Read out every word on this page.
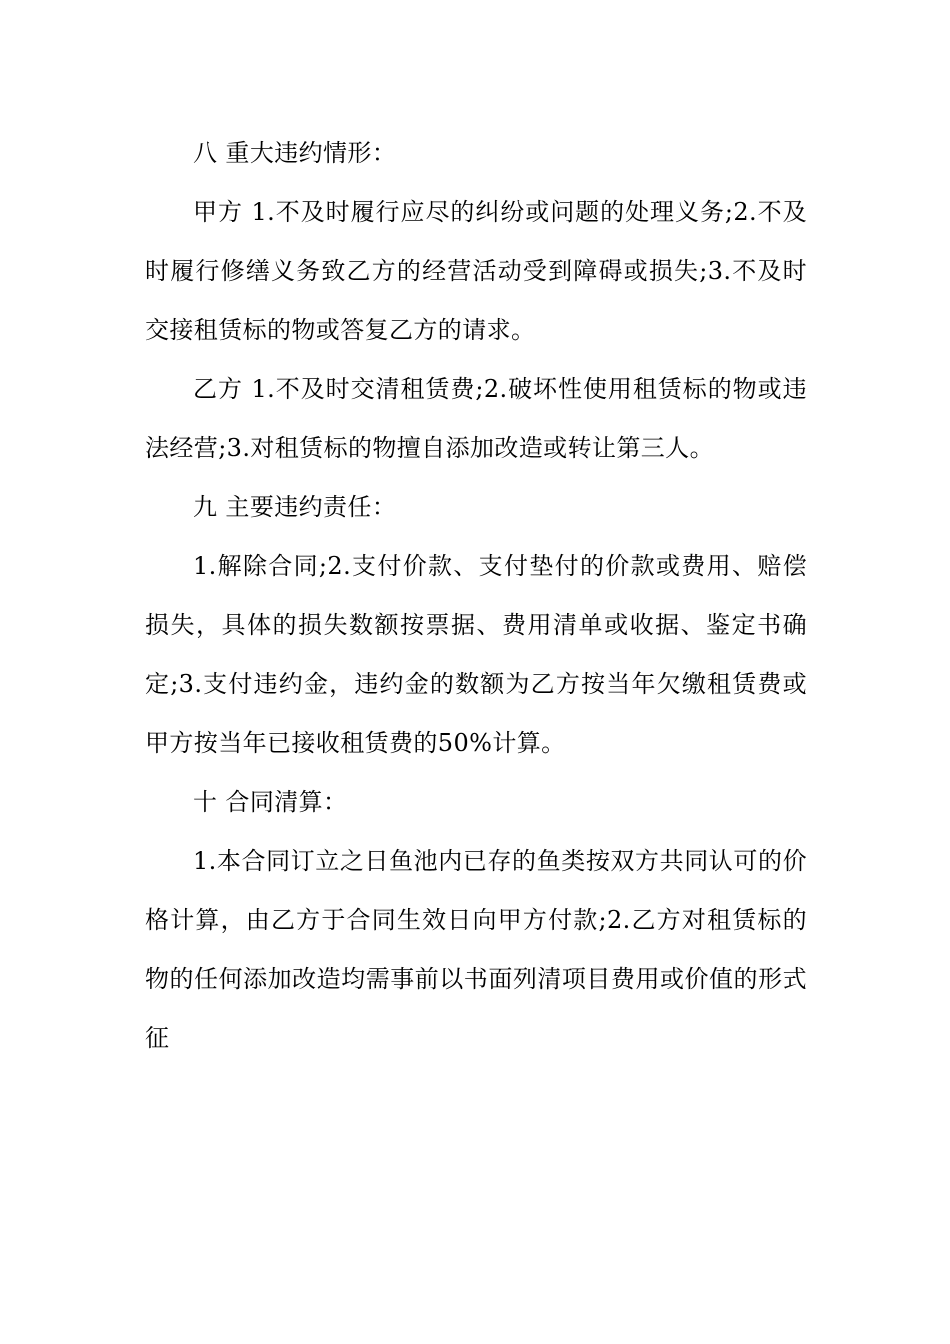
八 重大违约情形：

甲方 1.不及时履行应尽的纠纷或问题的处理义务;2.不及时履行修缮义务致乙方的经营活动受到障碍或损失;3.不及时交接租赁标的物或答复乙方的请求。

乙方 1.不及时交清租赁费;2.破坏性使用租赁标的物或违法经营;3.对租赁标的物擅自添加改造或转让第三人。

九 主要违约责任：

1.解除合同;2.支付价款、支付垫付的价款或费用、赔偿损失，具体的损失数额按票据、费用清单或收据、鉴定书确定;3.支付违约金，违约金的数额为乙方按当年欠缴租赁费或甲方按当年已接收租赁费的50%计算。

十 合同清算：

1.本合同订立之日鱼池内已存的鱼类按双方共同认可的价格计算，由乙方于合同生效日向甲方付款;2.乙方对租赁标的物的任何添加改造均需事前以书面列清项目费用或价值的形式征
